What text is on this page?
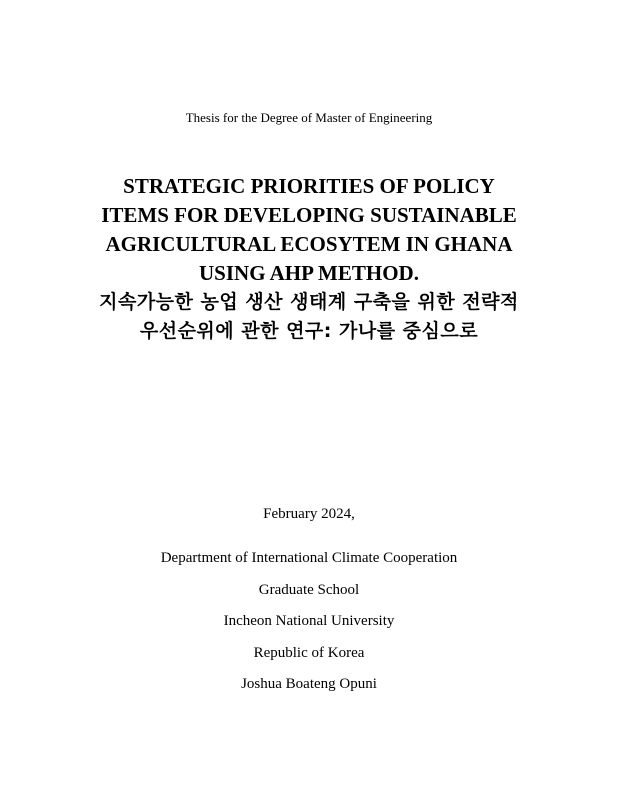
Thesis for the Degree of Master of Engineering
STRATEGIC PRIORITIES OF POLICY
ITEMS FOR DEVELOPING SUSTAINABLE
AGRICULTURAL ECOSYTEM IN GHANA
USING AHP METHOD.
지속가능한 농업 생산 생태계 구축을 위한 전략적
우선순위에 관한 연구: 가나를 중심으로
February 2024,
Department of International Climate Cooperation
Graduate School
Incheon National University
Republic of Korea
Joshua Boateng Opuni
